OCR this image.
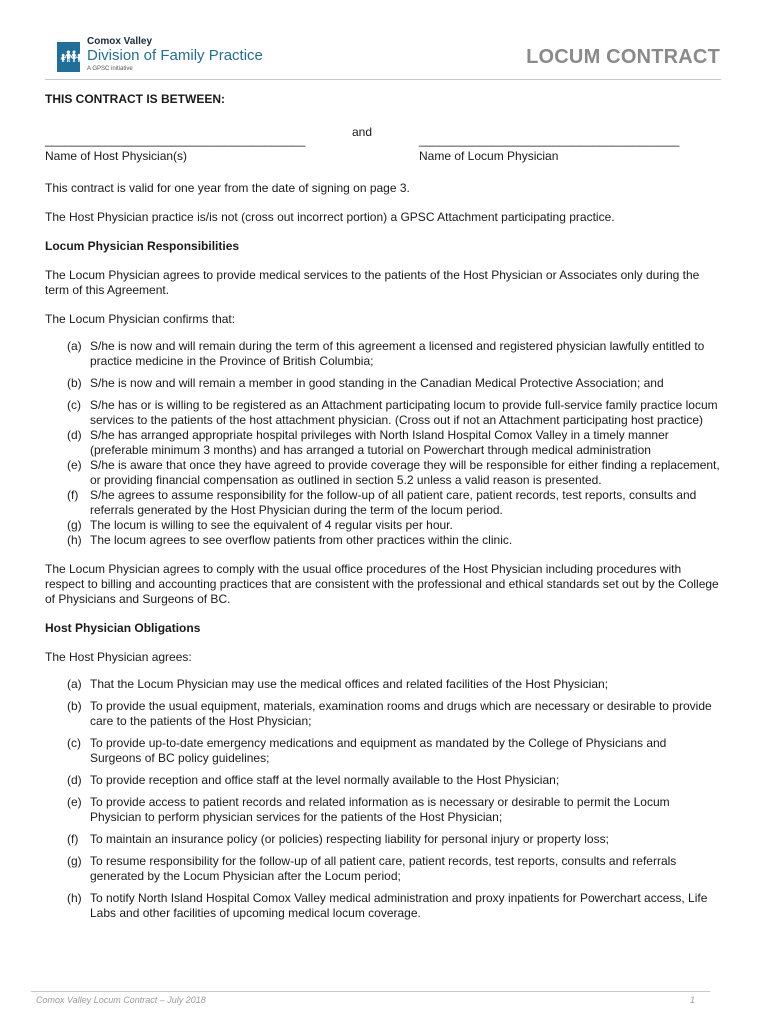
👪︎
Comox Valley
Division of Family Practice
A GPSC initiative
LOCUM CONTRACT

THIS CONTRACT IS BETWEEN:

_______________________________________
and
_______________________________________
Name of Host Physician(s)	Name of Locum Physician

This contract is valid for one year from the date of signing on page 3.

The Host Physician practice is/is not (cross out incorrect portion) a GPSC Attachment participating practice.

Locum Physician Responsibilities

The Locum Physician agrees to provide medical services to the patients of the Host Physician or Associates only during the term of this Agreement.

The Locum Physician confirms that:

(a) S/he is now and will remain during the term of this agreement a licensed and registered physician lawfully entitled to practice medicine in the Province of British Columbia;
(b) S/he is now and will remain a member in good standing in the Canadian Medical Protective Association; and
(c) S/he has or is willing to be registered as an Attachment participating locum to provide full-service family practice locum services to the patients of the host attachment physician. (Cross out if not an Attachment participating host practice)
(d) S/he has arranged appropriate hospital privileges with North Island Hospital Comox Valley in a timely manner (preferable minimum 3 months) and has arranged a tutorial on Powerchart through medical administration
(e) S/he is aware that once they have agreed to provide coverage they will be responsible for either finding a replacement, or providing financial compensation as outlined in section 5.2 unless a valid reason is presented.
(f) S/he agrees to assume responsibility for the follow-up of all patient care, patient records, test reports, consults and referrals generated by the Host Physician during the term of the locum period.
(g) The locum is willing to see the equivalent of 4 regular visits per hour.
(h) The locum agrees to see overflow patients from other practices within the clinic.

The Locum Physician agrees to comply with the usual office procedures of the Host Physician including procedures with respect to billing and accounting practices that are consistent with the professional and ethical standards set out by the College of Physicians and Surgeons of BC.

Host Physician Obligations

The Host Physician agrees:

(a) That the Locum Physician may use the medical offices and related facilities of the Host Physician;
(b) To provide the usual equipment, materials, examination rooms and drugs which are necessary or desirable to provide care to the patients of the Host Physician;
(c) To provide up-to-date emergency medications and equipment as mandated by the College of Physicians and Surgeons of BC policy guidelines;
(d) To provide reception and office staff at the level normally available to the Host Physician;
(e) To provide access to patient records and related information as is necessary or desirable to permit the Locum Physician to perform physician services for the patients of the Host Physician;
(f) To maintain an insurance policy (or policies) respecting liability for personal injury or property loss;
(g) To resume responsibility for the follow-up of all patient care, patient records, test reports, consults and referrals generated by the Locum Physician after the Locum period;
(h) To notify North Island Hospital Comox Valley medical administration and proxy inpatients for Powerchart access, Life Labs and other facilities of upcoming medical locum coverage.
Comox Valley Locum Contract – July 2018	1
